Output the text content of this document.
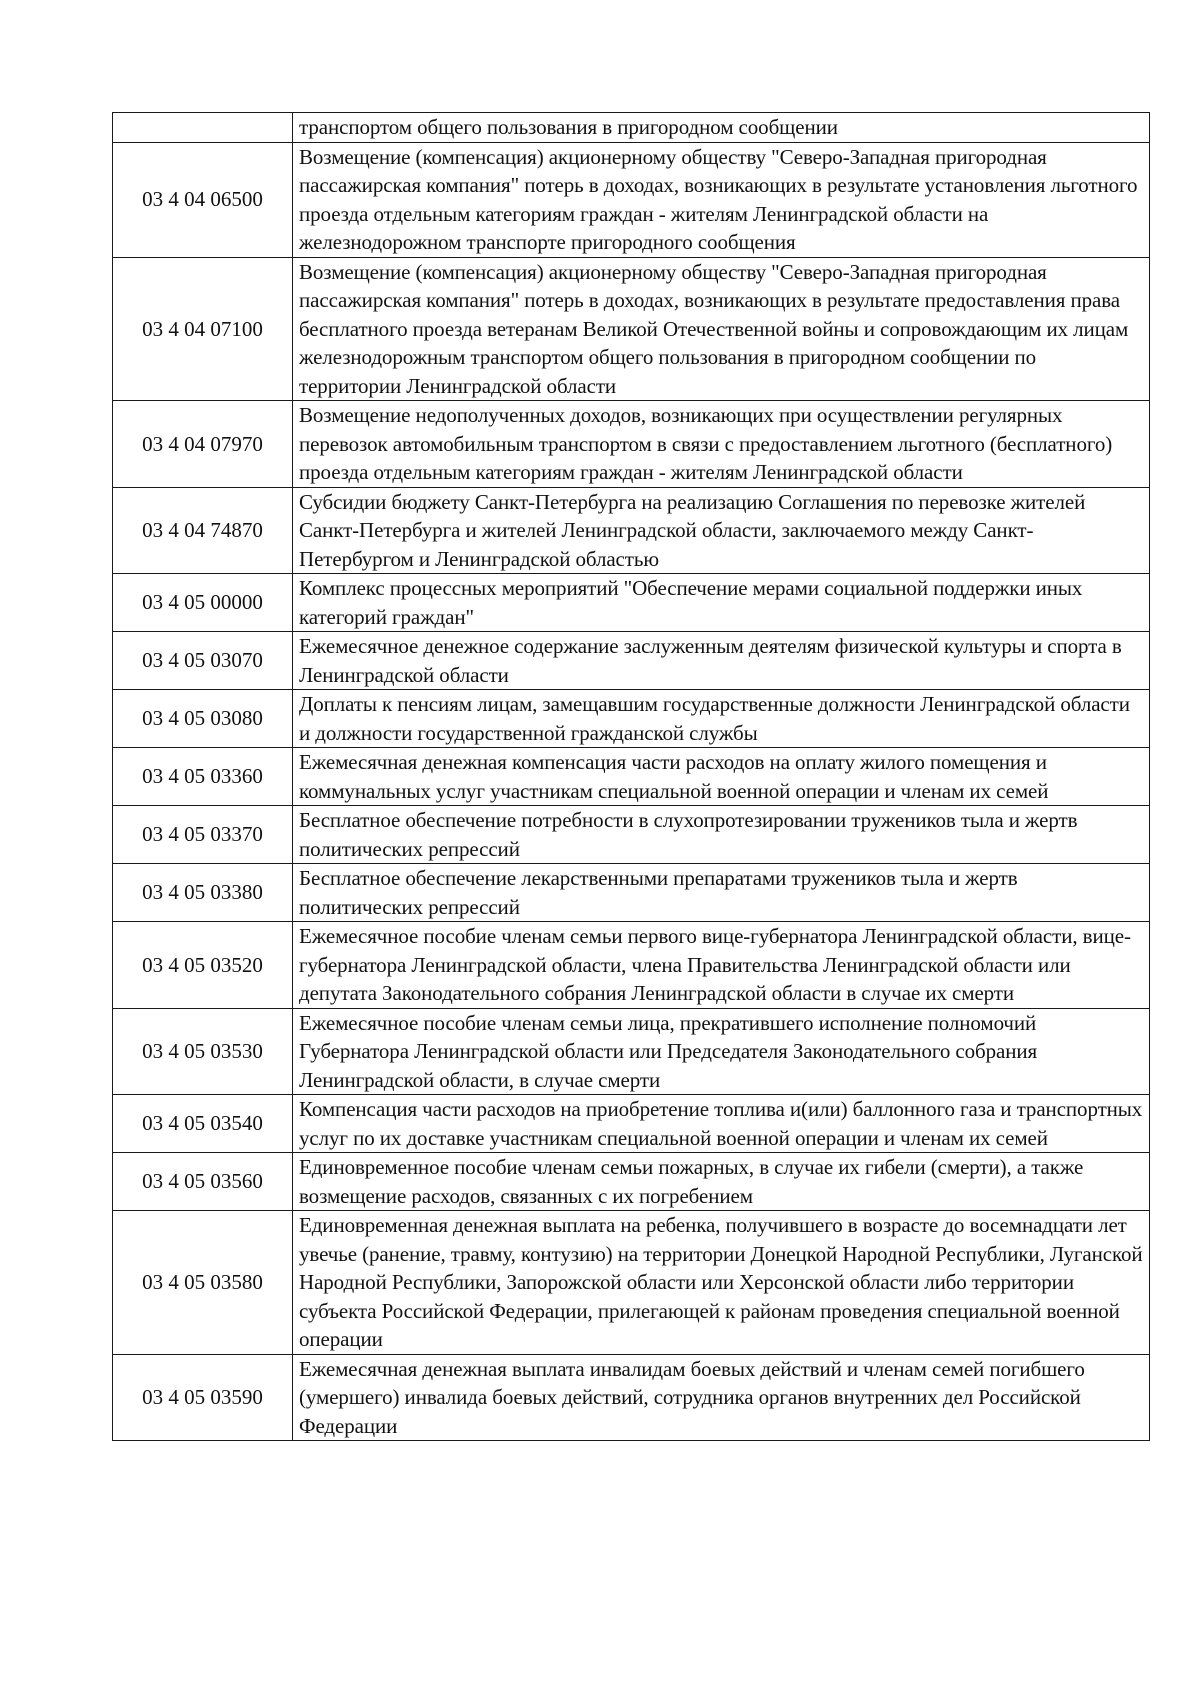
	транспортом общего пользования в пригородном сообщении
03 4 04 06500	Возмещение (компенсация) акционерному обществу "Северо-Западная пригородная пассажирская компания" потерь в доходах, возникающих в результате установления льготного проезда отдельным категориям граждан - жителям Ленинградской области на железнодорожном транспорте пригородного сообщения
03 4 04 07100	Возмещение (компенсация) акционерному обществу "Северо-Западная пригородная пассажирская компания" потерь в доходах, возникающих в результате предоставления права бесплатного проезда ветеранам Великой Отечественной войны и сопровождающим их лицам железнодорожным транспортом общего пользования в пригородном сообщении по территории Ленинградской области
03 4 04 07970	Возмещение недополученных доходов, возникающих при осуществлении регулярных перевозок автомобильным транспортом в связи с предоставлением льготного (бесплатного) проезда отдельным категориям граждан - жителям Ленинградской области
03 4 04 74870	Субсидии бюджету Санкт-Петербурга на реализацию Соглашения по перевозке жителей Санкт-Петербурга и жителей Ленинградской области, заключаемого между Санкт-Петербургом и Ленинградской областью
03 4 05 00000	Комплекс процессных мероприятий "Обеспечение мерами социальной поддержки иных категорий граждан"
03 4 05 03070	Ежемесячное денежное содержание заслуженным деятелям физической культуры и спорта в Ленинградской области
03 4 05 03080	Доплаты к пенсиям лицам, замещавшим государственные должности Ленинградской области и должности государственной гражданской службы
03 4 05 03360	Ежемесячная денежная компенсация части расходов на оплату жилого помещения и коммунальных услуг участникам специальной военной операции и членам их семей
03 4 05 03370	Бесплатное обеспечение потребности в слухопротезировании тружеников тыла и жертв политических репрессий
03 4 05 03380	Бесплатное обеспечение лекарственными препаратами тружеников тыла и жертв политических репрессий
03 4 05 03520	Ежемесячное пособие членам семьи первого вице-губернатора Ленинградской области, вице-губернатора Ленинградской области, члена Правительства Ленинградской области или депутата Законодательного собрания Ленинградской области в случае их смерти
03 4 05 03530	Ежемесячное пособие членам семьи лица, прекратившего исполнение полномочий Губернатора Ленинградской области или Председателя Законодательного собрания Ленинградской области, в случае смерти
03 4 05 03540	Компенсация части расходов на приобретение топлива и(или) баллонного газа и транспортных услуг по их доставке участникам специальной военной операции и членам их семей
03 4 05 03560	Единовременное пособие членам семьи пожарных, в случае их гибели (смерти), а также возмещение расходов, связанных с их погребением
03 4 05 03580	Единовременная денежная выплата на ребенка, получившего в возрасте до восемнадцати лет увечье (ранение, травму, контузию) на территории Донецкой Народной Республики, Луганской Народной Республики, Запорожской области или Херсонской области либо территории субъекта Российской Федерации, прилегающей к районам проведения специальной военной операции
03 4 05 03590	Ежемесячная денежная выплата инвалидам боевых действий и членам семей погибшего (умершего) инвалида боевых действий, сотрудника органов внутренних дел Российской Федерации
